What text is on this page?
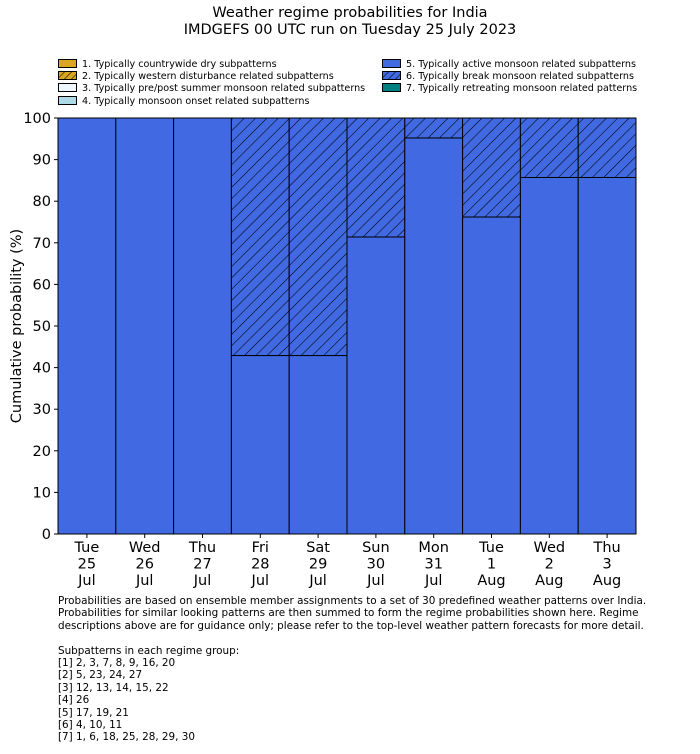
Weather regime probabilities for India
IMDGEFS 00 UTC run on Tuesday 25 July 2023
1. Typically countrywide dry subpatterns
2. Typically western disturbance related subpatterns
3. Typically pre/post summer monsoon related subpatterns
4. Typically monsoon onset related subpatterns
5. Typically active monsoon related subpatterns
6. Typically break monsoon related subpatterns
7. Typically retreating monsoon related patterns
0
10
20
30
40
50
60
70
80
90
100
Tue 25 Jul
Wed 26 Jul
Thu 27 Jul
Fri 28 Jul
Sat 29 Jul
Sun 30 Jul
Mon 31 Jul
Tue 1 Aug
Wed 2 Aug
Thu 3 Aug
Cumulative probability (%)
Probabilities are based on ensemble member assignments to a set of 30 predefined weather patterns over India.
Probabilities for similar looking patterns are then summed to form the regime probabilities shown here. Regime
descriptions above are for guidance only; please refer to the top-level weather pattern forecasts for more detail.
Subpatterns in each regime group:
[1] 2, 3, 7, 8, 9, 16, 20
[2] 5, 23, 24, 27
[3] 12, 13, 14, 15, 22
[4] 26
[5] 17, 19, 21
[6] 4, 10, 11
[7] 1, 6, 18, 25, 28, 29, 30
